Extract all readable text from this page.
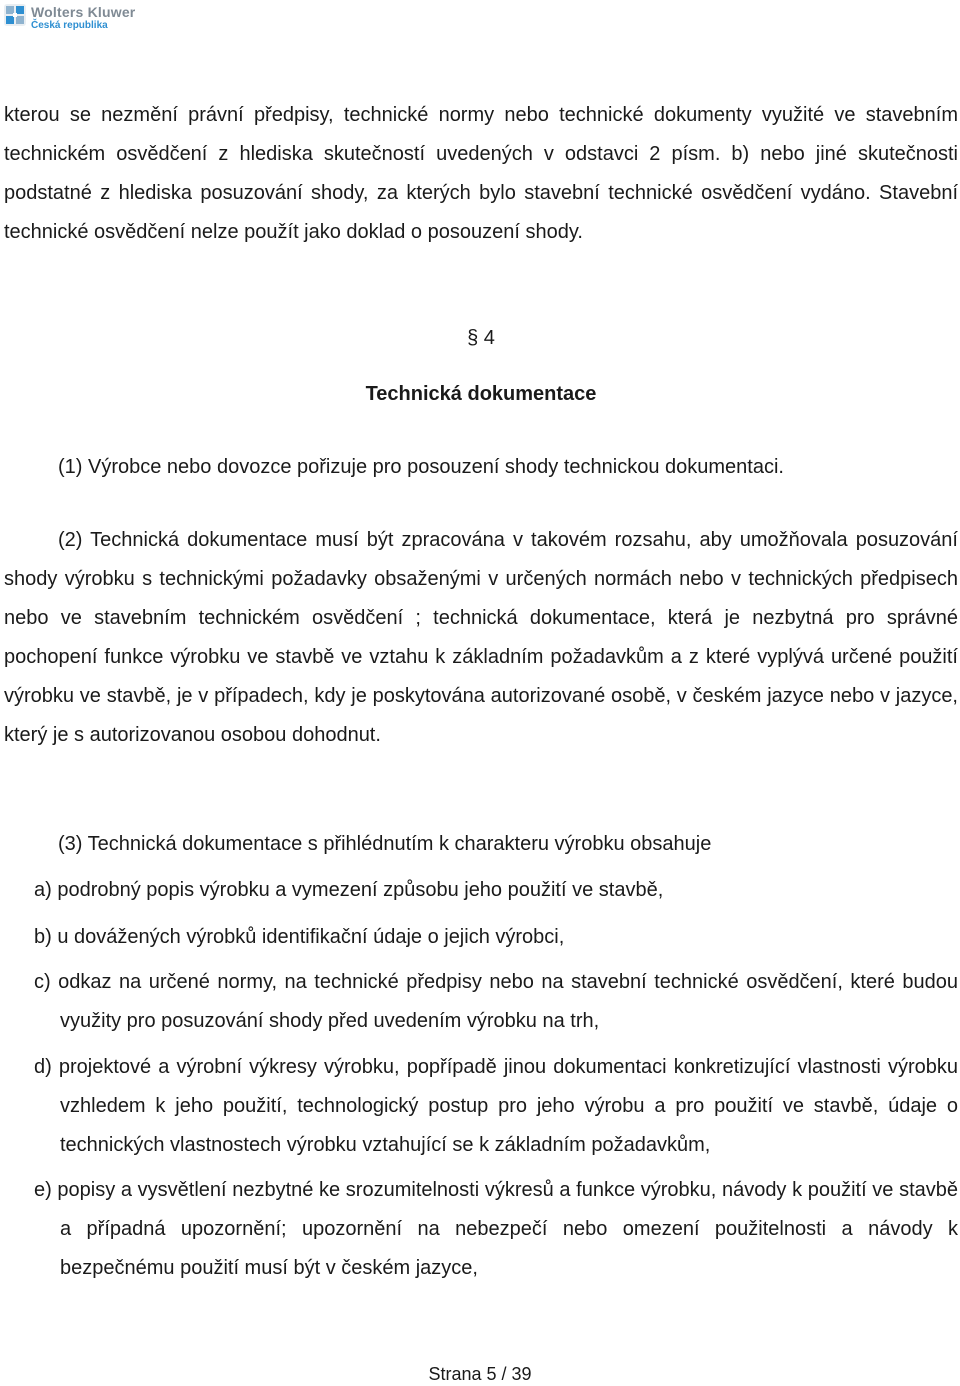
Wolters Kluwer
Česká republika

kterou se nezmění právní předpisy, technické normy nebo technické dokumenty využité ve stavebním technickém osvědčení z hlediska skutečností uvedených v odstavci 2 písm. b) nebo jiné skutečnosti podstatné z hlediska posuzování shody, za kterých bylo stavební technické osvědčení vydáno. Stavební technické osvědčení nelze použít jako doklad o posouzení shody.

§ 4

Technická dokumentace

(1) Výrobce nebo dovozce pořizuje pro posouzení shody technickou dokumentaci.

(2) Technická dokumentace musí být zpracována v takovém rozsahu, aby umožňovala posuzování shody výrobku s technickými požadavky obsaženými v určených normách nebo v technických předpisech nebo ve stavebním technickém osvědčení ; technická dokumentace, která je nezbytná pro správné pochopení funkce výrobku ve stavbě ve vztahu k základním požadavkům a z které vyplývá určené použití výrobku ve stavbě, je v případech, kdy je poskytována autorizované osobě, v českém jazyce nebo v jazyce, který je s autorizovanou osobou dohodnut.

(3) Technická dokumentace s přihlédnutím k charakteru výrobku obsahuje

a) podrobný popis výrobku a vymezení způsobu jeho použití ve stavbě,

b) u dovážených výrobků identifikační údaje o jejich výrobci,

c) odkaz na určené normy, na technické předpisy nebo na stavební technické osvědčení, které budou využity pro posuzování shody před uvedením výrobku na trh,

d) projektové a výrobní výkresy výrobku, popřípadě jinou dokumentaci konkretizující vlastnosti výrobku vzhledem k jeho použití, technologický postup pro jeho výrobu a pro použití ve stavbě, údaje o technických vlastnostech výrobku vztahující se k základním požadavkům,

e) popisy a vysvětlení nezbytné ke srozumitelnosti výkresů a funkce výrobku, návody k použití ve stavbě a případná upozornění; upozornění na nebezpečí nebo omezení použitelnosti a návody k bezpečnému použití musí být v českém jazyce,

Strana 5 / 39
